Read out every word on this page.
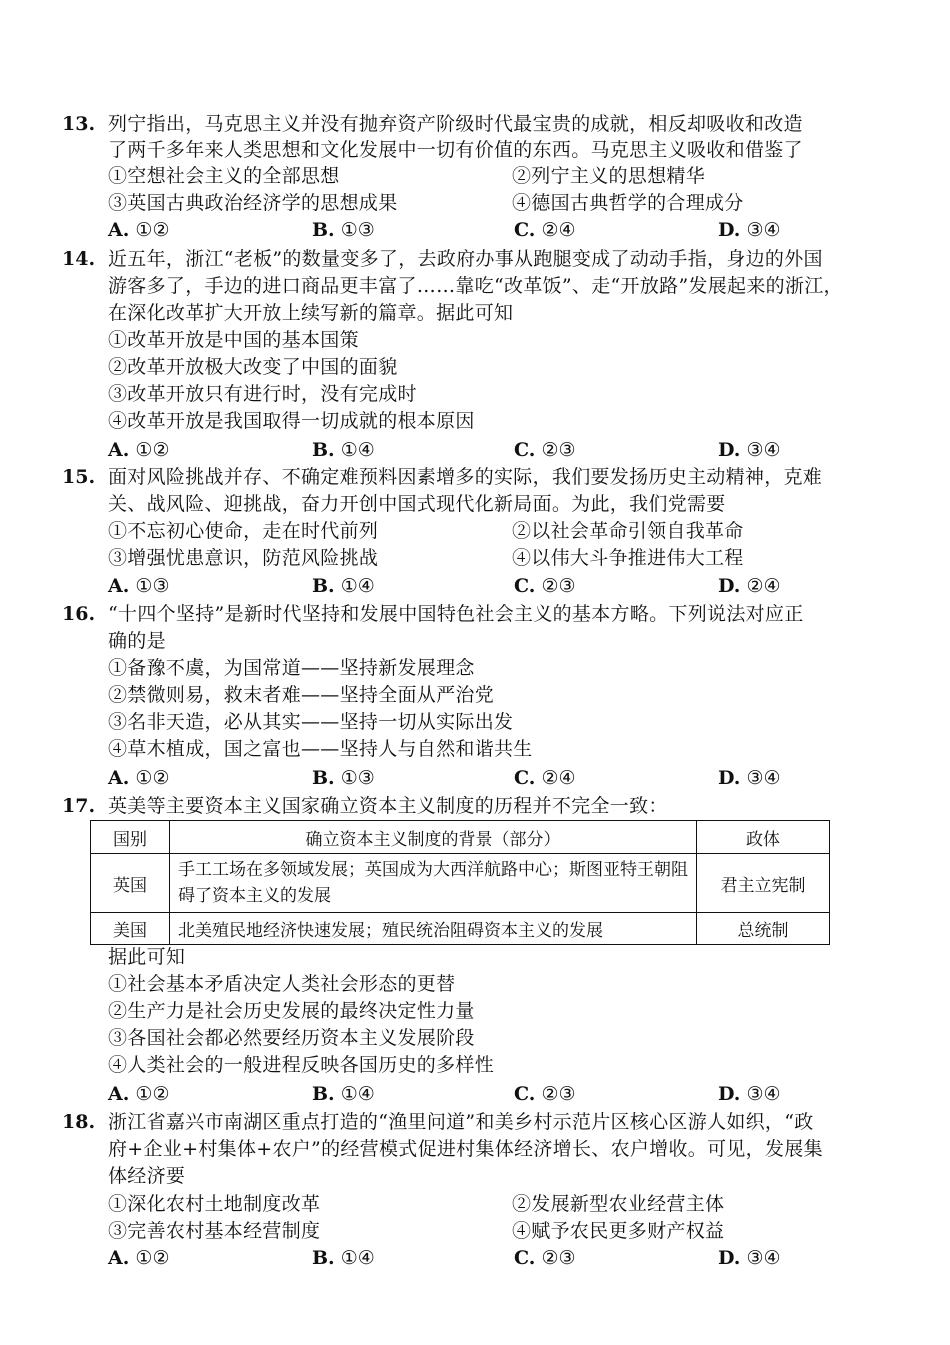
13. 列宁指出，马克思主义并没有抛弃资产阶级时代最宝贵的成就，相反却吸收和改造
了两千多年来人类思想和文化发展中一切有价值的东西。马克思主义吸收和借鉴了
①空想社会主义的全部思想	②列宁主义的思想精华
③英国古典政治经济学的思想成果	④德国古典哲学的合理成分
A. ①②	B. ①③	C. ②④	D. ③④
14. 近五年，浙江“老板”的数量变多了，去政府办事从跑腿变成了动动手指，身边的外国
游客多了，手边的进口商品更丰富了……靠吃“改革饭”、走“开放路”发展起来的浙江，
在深化改革扩大开放上续写新的篇章。据此可知
①改革开放是中国的基本国策
②改革开放极大改变了中国的面貌
③改革开放只有进行时，没有完成时
④改革开放是我国取得一切成就的根本原因
A. ①②	B. ①④	C. ②③	D. ③④
15. 面对风险挑战并存、不确定难预料因素增多的实际，我们要发扬历史主动精神，克难
关、战风险、迎挑战，奋力开创中国式现代化新局面。为此，我们党需要
①不忘初心使命，走在时代前列	②以社会革命引领自我革命
③增强忧患意识，防范风险挑战	④以伟大斗争推进伟大工程
A. ①③	B. ①④	C. ②③	D. ②④
16. “十四个坚持”是新时代坚持和发展中国特色社会主义的基本方略。下列说法对应正
确的是
①备豫不虞，为国常道——坚持新发展理念
②禁微则易，救末者难——坚持全面从严治党
③名非天造，必从其实——坚持一切从实际出发
④草木植成，国之富也——坚持人与自然和谐共生
A. ①②	B. ①③	C. ②④	D. ③④
17. 英美等主要资本主义国家确立资本主义制度的历程并不完全一致：
国别	确立资本主义制度的背景（部分）	政体
英国	手工工场在多领域发展；英国成为大西洋航路中心；斯图亚特王朝阻碍了资本主义的发展	君主立宪制
美国	北美殖民地经济快速发展；殖民统治阻碍资本主义的发展	总统制
据此可知
①社会基本矛盾决定人类社会形态的更替
②生产力是社会历史发展的最终决定性力量
③各国社会都必然要经历资本主义发展阶段
④人类社会的一般进程反映各国历史的多样性
A. ①②	B. ①④	C. ②③	D. ③④
18. 浙江省嘉兴市南湖区重点打造的“渔里问道”和美乡村示范片区核心区游人如织，“政
府+企业+村集体+农户”的经营模式促进村集体经济增长、农户增收。可见，发展集
体经济要
①深化农村土地制度改革	②发展新型农业经营主体
③完善农村基本经营制度	④赋予农民更多财产权益
A. ①②	B. ①④	C. ②③	D. ③④
